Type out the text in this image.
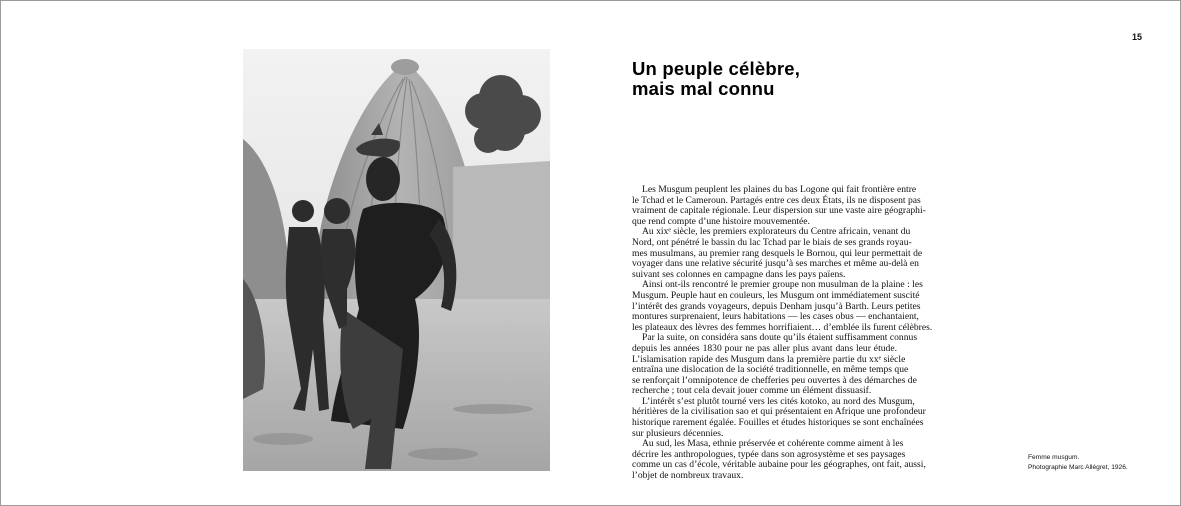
15
Un peuple célèbre,
mais mal connu
Les Musgum peuplent les plaines du bas Logone qui fait frontière entre
le Tchad et le Cameroun. Partagés entre ces deux États, ils ne disposent pas
vraiment de capitale régionale. Leur dispersion sur une vaste aire géographi-
que rend compte d’une histoire mouvementée.
Au xixᵉ siècle, les premiers explorateurs du Centre africain, venant du
Nord, ont pénétré le bassin du lac Tchad par le biais de ses grands royau-
mes musulmans, au premier rang desquels le Bornou, qui leur permettait de
voyager dans une relative sécurité jusqu’à ses marches et même au-delà en
suivant ses colonnes en campagne dans les pays païens.
Ainsi ont-ils rencontré le premier groupe non musulman de la plaine : les
Musgum. Peuple haut en couleurs, les Musgum ont immédiatement suscité
l’intérêt des grands voyageurs, depuis Denham jusqu’à Barth. Leurs petites
montures surprenaient, leurs habitations — les cases obus — enchantaient,
les plateaux des lèvres des femmes horrifiaient… d’emblée ils furent célèbres.
Par la suite, on considéra sans doute qu’ils étaient suffisamment connus
depuis les années 1830 pour ne pas aller plus avant dans leur étude.
L’islamisation rapide des Musgum dans la première partie du xxᵉ siècle
entraîna une dislocation de la société traditionnelle, en même temps que
se renforçait l’omnipotence de chefferies peu ouvertes à des démarches de
recherche ; tout cela devait jouer comme un élément dissuasif.
L’intérêt s’est plutôt tourné vers les cités kotoko, au nord des Musgum,
héritières de la civilisation sao et qui présentaient en Afrique une profondeur
historique rarement égalée. Fouilles et études historiques se sont enchaînées
sur plusieurs décennies.
Au sud, les Masa, ethnie préservée et cohérente comme aiment à les
décrire les anthropologues, typée dans son agrosystème et ses paysages
comme un cas d’école, véritable aubaine pour les géographes, ont fait, aussi,
l’objet de nombreux travaux.
Femme musgum.
Photographie Marc Allégret, 1926.
